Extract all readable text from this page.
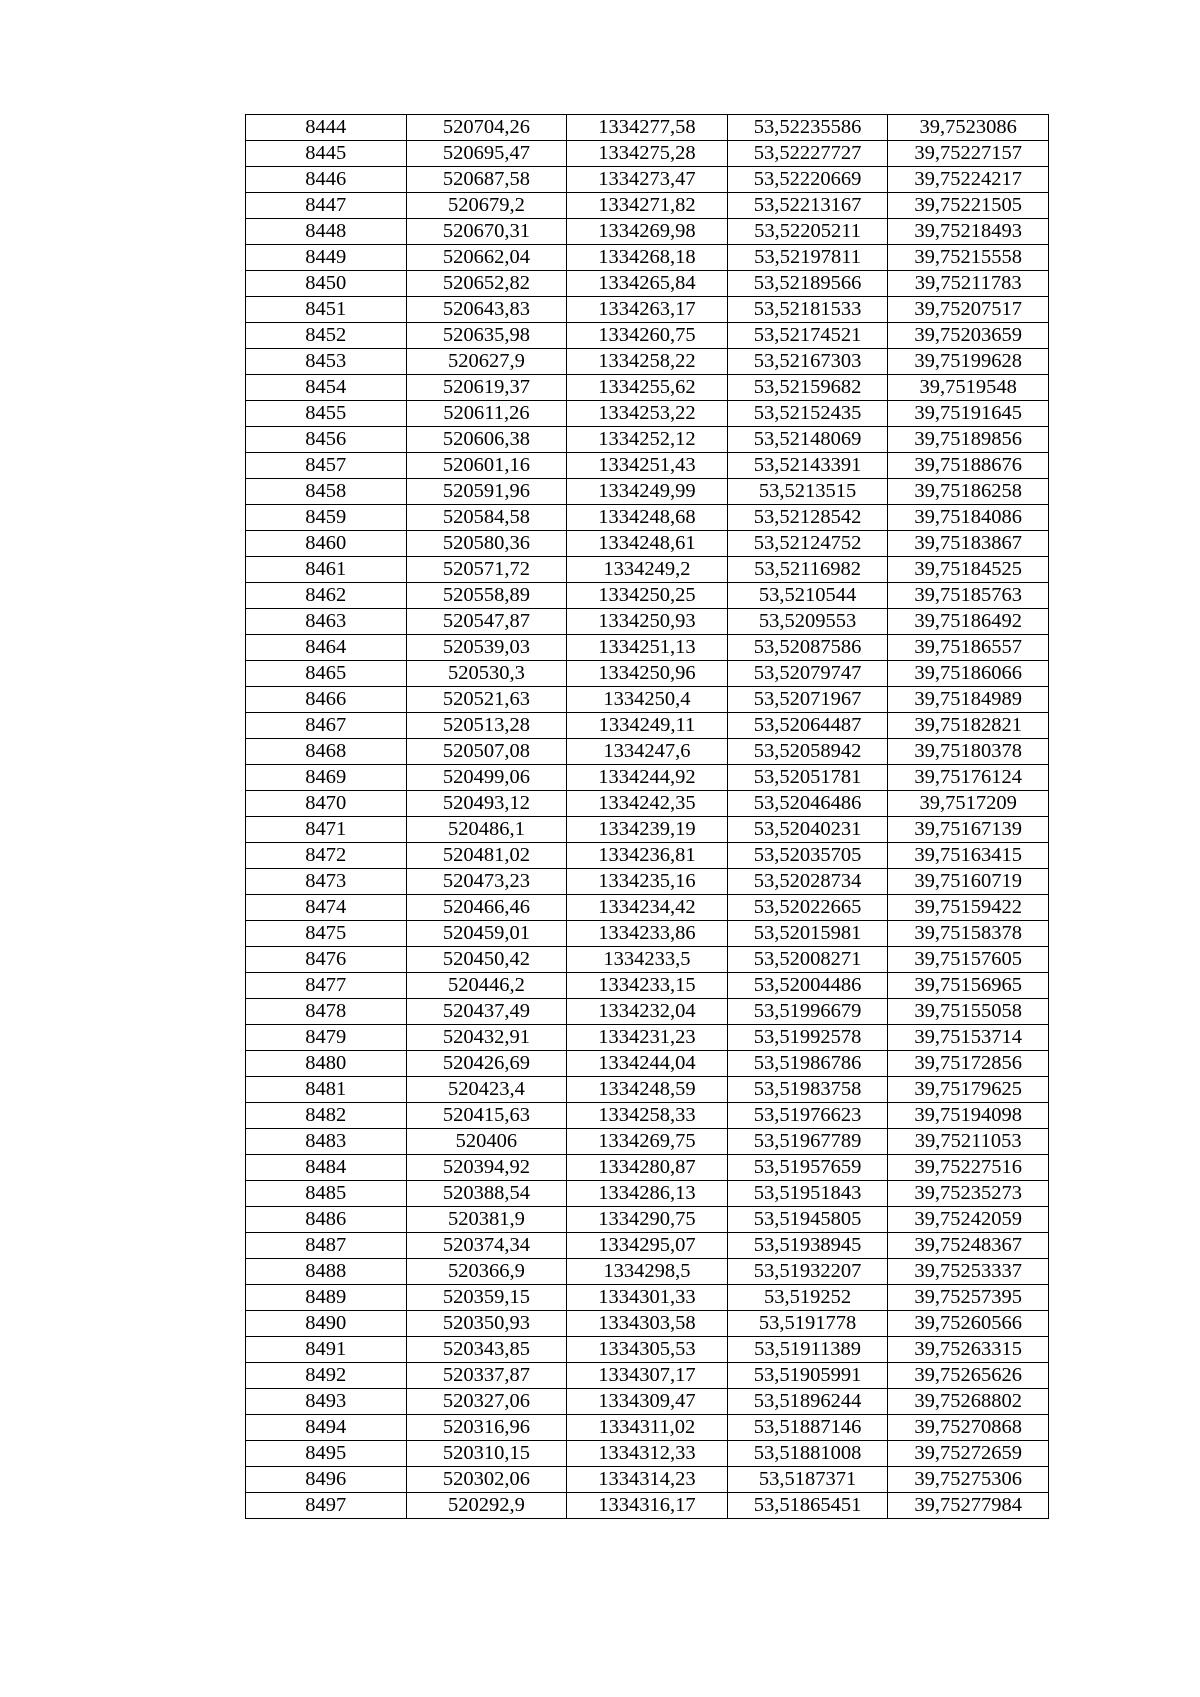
8444	520704,26	1334277,58	53,52235586	39,7523086
8445	520695,47	1334275,28	53,52227727	39,75227157
8446	520687,58	1334273,47	53,52220669	39,75224217
8447	520679,2	1334271,82	53,52213167	39,75221505
8448	520670,31	1334269,98	53,52205211	39,75218493
8449	520662,04	1334268,18	53,52197811	39,75215558
8450	520652,82	1334265,84	53,52189566	39,75211783
8451	520643,83	1334263,17	53,52181533	39,75207517
8452	520635,98	1334260,75	53,52174521	39,75203659
8453	520627,9	1334258,22	53,52167303	39,75199628
8454	520619,37	1334255,62	53,52159682	39,7519548
8455	520611,26	1334253,22	53,52152435	39,75191645
8456	520606,38	1334252,12	53,52148069	39,75189856
8457	520601,16	1334251,43	53,52143391	39,75188676
8458	520591,96	1334249,99	53,5213515	39,75186258
8459	520584,58	1334248,68	53,52128542	39,75184086
8460	520580,36	1334248,61	53,52124752	39,75183867
8461	520571,72	1334249,2	53,52116982	39,75184525
8462	520558,89	1334250,25	53,5210544	39,75185763
8463	520547,87	1334250,93	53,5209553	39,75186492
8464	520539,03	1334251,13	53,52087586	39,75186557
8465	520530,3	1334250,96	53,52079747	39,75186066
8466	520521,63	1334250,4	53,52071967	39,75184989
8467	520513,28	1334249,11	53,52064487	39,75182821
8468	520507,08	1334247,6	53,52058942	39,75180378
8469	520499,06	1334244,92	53,52051781	39,75176124
8470	520493,12	1334242,35	53,52046486	39,7517209
8471	520486,1	1334239,19	53,52040231	39,75167139
8472	520481,02	1334236,81	53,52035705	39,75163415
8473	520473,23	1334235,16	53,52028734	39,75160719
8474	520466,46	1334234,42	53,52022665	39,75159422
8475	520459,01	1334233,86	53,52015981	39,75158378
8476	520450,42	1334233,5	53,52008271	39,75157605
8477	520446,2	1334233,15	53,52004486	39,75156965
8478	520437,49	1334232,04	53,51996679	39,75155058
8479	520432,91	1334231,23	53,51992578	39,75153714
8480	520426,69	1334244,04	53,51986786	39,75172856
8481	520423,4	1334248,59	53,51983758	39,75179625
8482	520415,63	1334258,33	53,51976623	39,75194098
8483	520406	1334269,75	53,51967789	39,75211053
8484	520394,92	1334280,87	53,51957659	39,75227516
8485	520388,54	1334286,13	53,51951843	39,75235273
8486	520381,9	1334290,75	53,51945805	39,75242059
8487	520374,34	1334295,07	53,51938945	39,75248367
8488	520366,9	1334298,5	53,51932207	39,75253337
8489	520359,15	1334301,33	53,519252	39,75257395
8490	520350,93	1334303,58	53,5191778	39,75260566
8491	520343,85	1334305,53	53,51911389	39,75263315
8492	520337,87	1334307,17	53,51905991	39,75265626
8493	520327,06	1334309,47	53,51896244	39,75268802
8494	520316,96	1334311,02	53,51887146	39,75270868
8495	520310,15	1334312,33	53,51881008	39,75272659
8496	520302,06	1334314,23	53,5187371	39,75275306
8497	520292,9	1334316,17	53,51865451	39,75277984
